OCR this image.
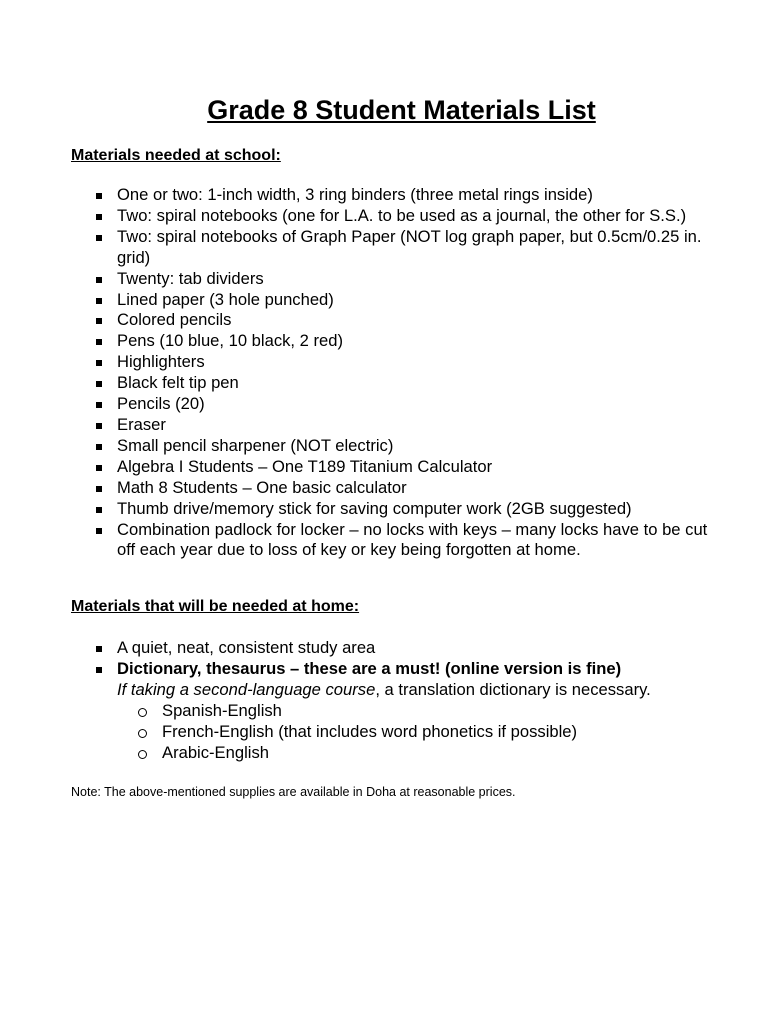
Grade 8 Student Materials List
Materials needed at school:
One or two: 1-inch width, 3 ring binders (three metal rings inside)
Two: spiral notebooks (one for L.A. to be used as a journal, the other for S.S.)
Two: spiral notebooks of Graph Paper (NOT log graph paper, but 0.5cm/0.25 in. grid)
Twenty: tab dividers
Lined paper (3 hole punched)
Colored pencils
Pens (10 blue, 10 black, 2 red)
Highlighters
Black felt tip pen
Pencils (20)
Eraser
Small pencil sharpener (NOT electric)
Algebra I Students – One T189 Titanium Calculator
Math 8 Students – One basic calculator
Thumb drive/memory stick for saving computer work (2GB suggested)
Combination padlock for locker – no locks with keys – many locks have to be cut off each year due to loss of key or key being forgotten at home.
Materials that will be needed at home:
A quiet, neat, consistent study area
Dictionary, thesaurus – these are a must! (online version is fine)
If taking a second-language course, a translation dictionary is necessary.
Spanish-English
French-English (that includes word phonetics if possible)
Arabic-English

Note: The above-mentioned supplies are available in Doha at reasonable prices.
